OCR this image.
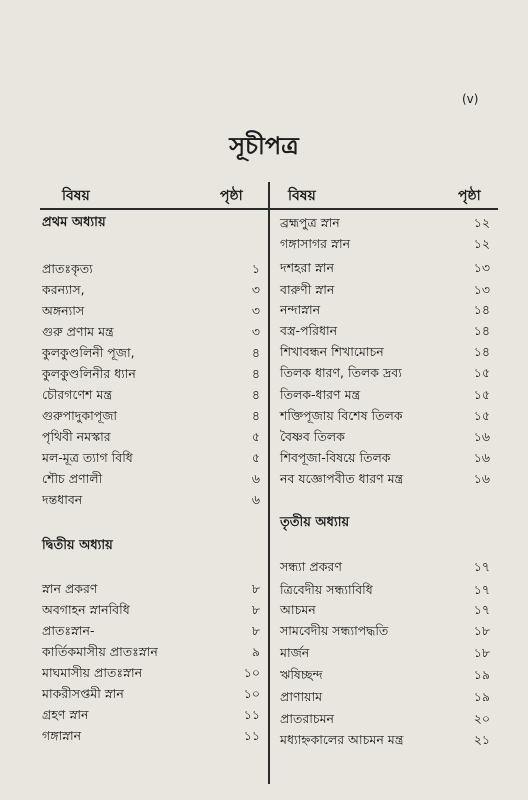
(v)
সূচীপত্র
বিষয়	পৃষ্ঠা	বিষয়	পৃষ্ঠা
প্রথম অধ্যায়
প্রাতঃকৃত্য	১
করন্যাস,	৩
অঙ্গন্যাস	৩
গুরু প্রণাম মন্ত্র	৩
কুলকুণ্ডলিনী পূজা,	৪
কুলকুণ্ডলিনীর ধ্যান	৪
চৌরগণেশ মন্ত্র	৪
গুরুপাদুকাপূজা	৪
পৃথিবী নমস্কার	৫
মল-মূত্র ত্যাগ বিধি	৫
শৌচ প্রণালী	৬
দন্তধাবন	৬
দ্বিতীয় অধ্যায়
স্নান প্রকরণ	৮
অবগাহন স্নানবিধি	৮
প্রাতঃস্নান-	৮
কার্তিকমাসীয় প্রাতঃস্নান	৯
মাঘমাসীয় প্রাতঃস্নান	১০
মাকরীসপ্তমী স্নান	১০
গ্রহণ স্নান	১১
গঙ্গাস্নান	১১
ব্রহ্মপুত্র স্নান	১২
গঙ্গাসাগর স্নান	১২
দশহরা স্নান	১৩
বারুণী স্নান	১৩
নন্দাস্নান	১৪
বস্ত্র-পরিধান	১৪
শিখাবন্ধন শিখামোচন	১৪
তিলক ধারণ, তিলক দ্রব্য	১৫
তিলক-ধারণ মন্ত্র	১৫
শক্তিপূজায় বিশেষ তিলক	১৫
বৈষ্ণব তিলক	১৬
শিবপূজা-বিষয়ে তিলক	১৬
নব যজ্ঞোপবীত ধারণ মন্ত্র	১৬
তৃতীয় অধ্যায়
সন্ধ্যা প্রকরণ	১৭
ত্রিবেদীয় সন্ধ্যাবিধি	১৭
আচমন	১৭
সামবেদীয় সন্ধ্যাপদ্ধতি	১৮
মার্জন	১৮
ঋষিচ্ছন্দ	১৯
প্রাণায়াম	১৯
প্রাতরাচমন	২০
মধ্যাহ্নকালের আচমন মন্ত্র	২১
